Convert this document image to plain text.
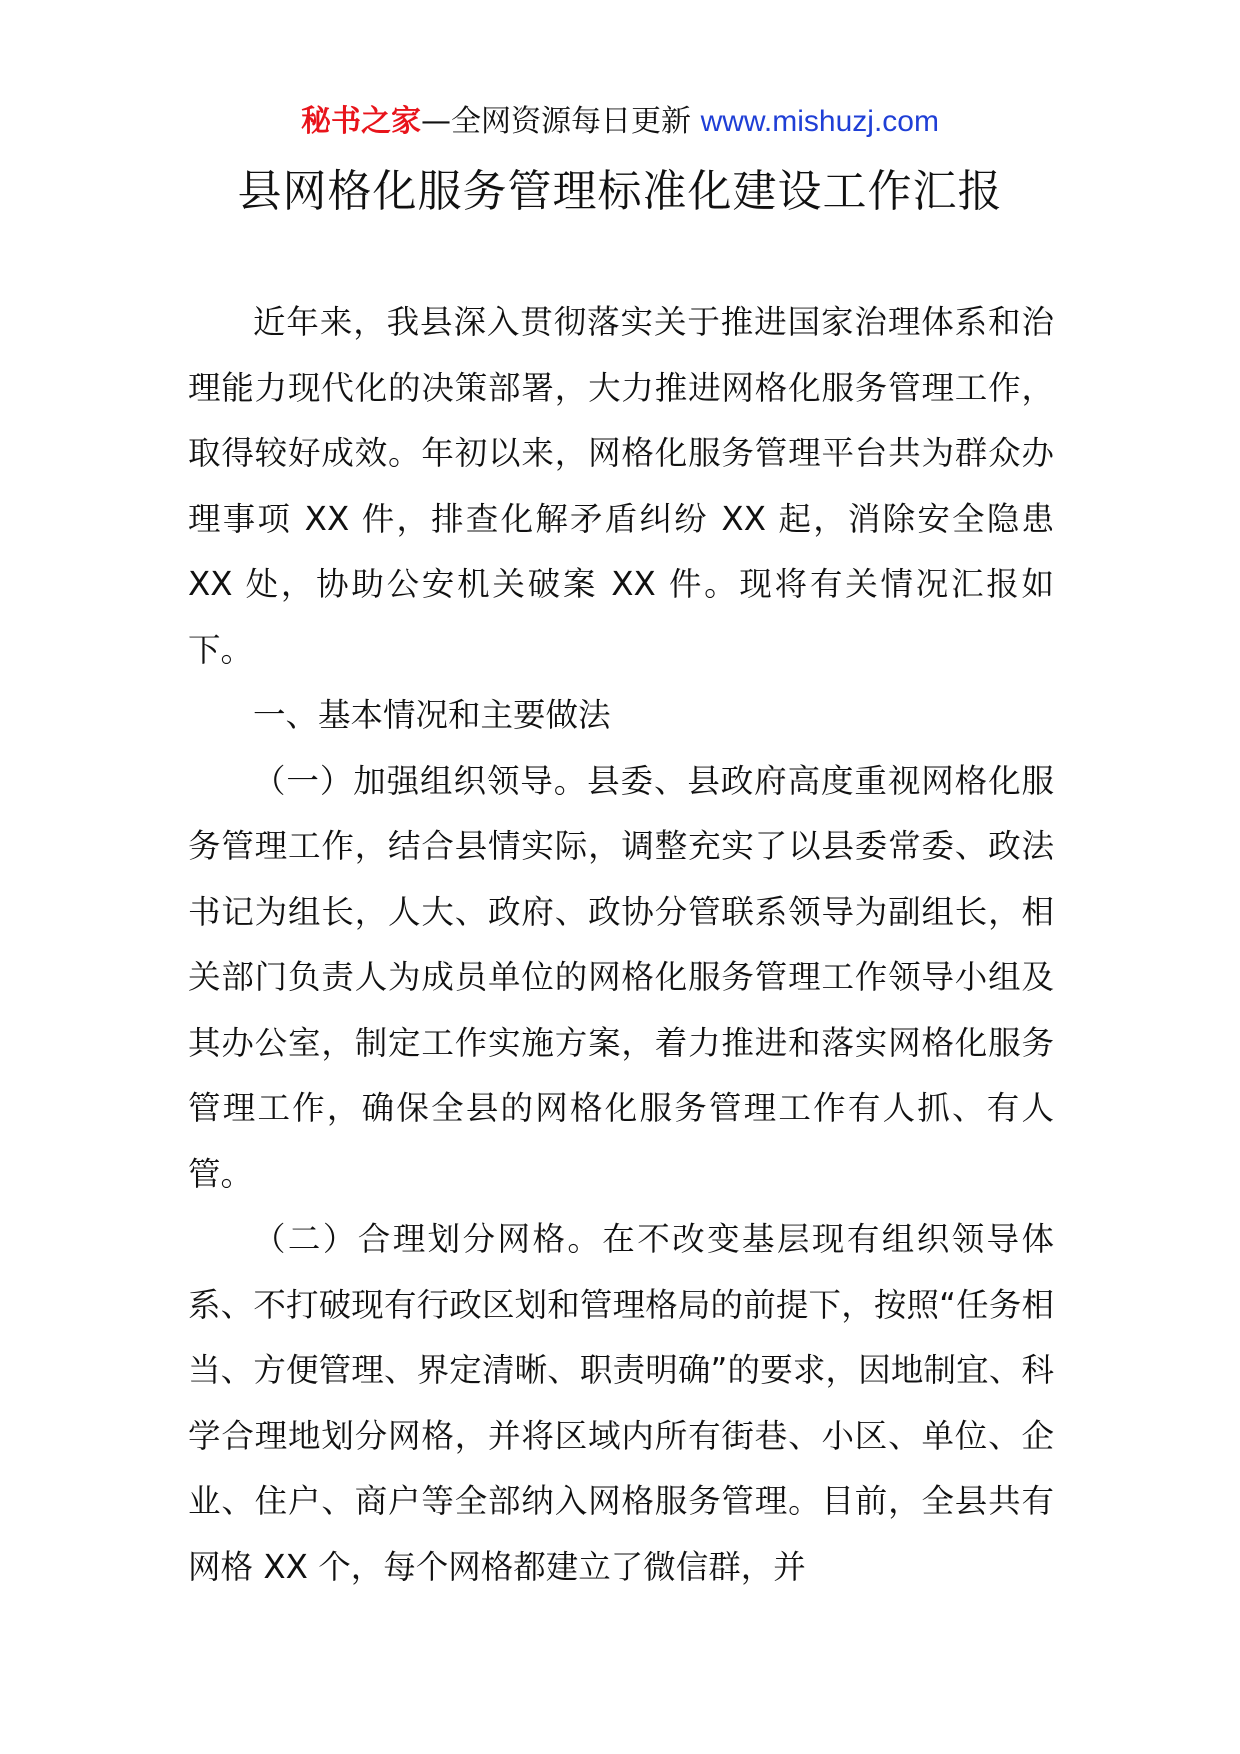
秘书之家—全网资源每日更新 www.mishuzj.com
县网格化服务管理标准化建设工作汇报

近年来，我县深入贯彻落实关于推进国家治理体系和治理能力现代化的决策部署，大力推进网格化服务管理工作，取得较好成效。年初以来，网格化服务管理平台共为群众办理事项 XX 件，排查化解矛盾纠纷 XX 起，消除安全隐患 XX 处，协助公安机关破案 XX 件。现将有关情况汇报如下。

一、基本情况和主要做法

（一）加强组织领导。县委、县政府高度重视网格化服务管理工作，结合县情实际，调整充实了以县委常委、政法书记为组长，人大、政府、政协分管联系领导为副组长，相关部门负责人为成员单位的网格化服务管理工作领导小组及其办公室，制定工作实施方案，着力推进和落实网格化服务管理工作，确保全县的网格化服务管理工作有人抓、有人管。

（二）合理划分网格。在不改变基层现有组织领导体系、不打破现有行政区划和管理格局的前提下，按照“任务相当、方便管理、界定清晰、职责明确”的要求，因地制宜、科学合理地划分网格，并将区域内所有街巷、小区、单位、企业、住户、商户等全部纳入网格服务管理。目前，全县共有网格 XX 个，每个网格都建立了微信群，并
